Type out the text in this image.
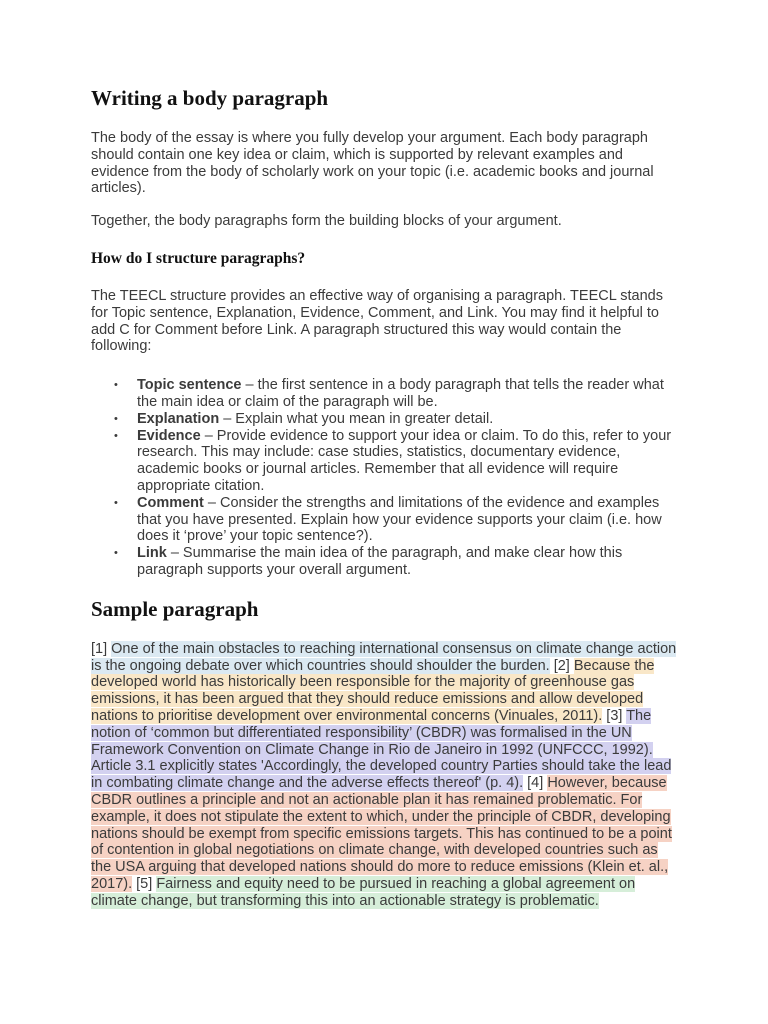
Writing a body paragraph

The body of the essay is where you fully develop your argument. Each body paragraph should contain one key idea or claim, which is supported by relevant examples and evidence from the body of scholarly work on your topic (i.e. academic books and journal articles).

Together, the body paragraphs form the building blocks of your argument.

How do I structure paragraphs?

The TEECL structure provides an effective way of organising a paragraph. TEECL stands for Topic sentence, Explanation, Evidence, Comment, and Link. You may find it helpful to add C for Comment before Link. A paragraph structured this way would contain the following:

• Topic sentence – the first sentence in a body paragraph that tells the reader what the main idea or claim of the paragraph will be.
• Explanation – Explain what you mean in greater detail.
• Evidence – Provide evidence to support your idea or claim. To do this, refer to your research. This may include: case studies, statistics, documentary evidence, academic books or journal articles. Remember that all evidence will require appropriate citation.
• Comment – Consider the strengths and limitations of the evidence and examples that you have presented. Explain how your evidence supports your claim (i.e. how does it ‘prove’ your topic sentence?).
• Link – Summarise the main idea of the paragraph, and make clear how this paragraph supports your overall argument.
Sample paragraph

[1] One of the main obstacles to reaching international consensus on climate change action is the ongoing debate over which countries should shoulder the burden. [2] Because the developed world has historically been responsible for the majority of greenhouse gas emissions, it has been argued that they should reduce emissions and allow developed nations to prioritise development over environmental concerns (Vinuales, 2011). [3] The notion of ‘common but differentiated responsibility’ (CBDR) was formalised in the UN Framework Convention on Climate Change in Rio de Janeiro in 1992 (UNFCCC, 1992). Article 3.1 explicitly states 'Accordingly, the developed country Parties should take the lead in combating climate change and the adverse effects thereof' (p. 4). [4] However, because CBDR outlines a principle and not an actionable plan it has remained problematic. For example, it does not stipulate the extent to which, under the principle of CBDR, developing nations should be exempt from specific emissions targets. This has continued to be a point of contention in global negotiations on climate change, with developed countries such as the USA arguing that developed nations should do more to reduce emissions (Klein et. al., 2017). [5] Fairness and equity need to be pursued in reaching a global agreement on climate change, but transforming this into an actionable strategy is problematic.
